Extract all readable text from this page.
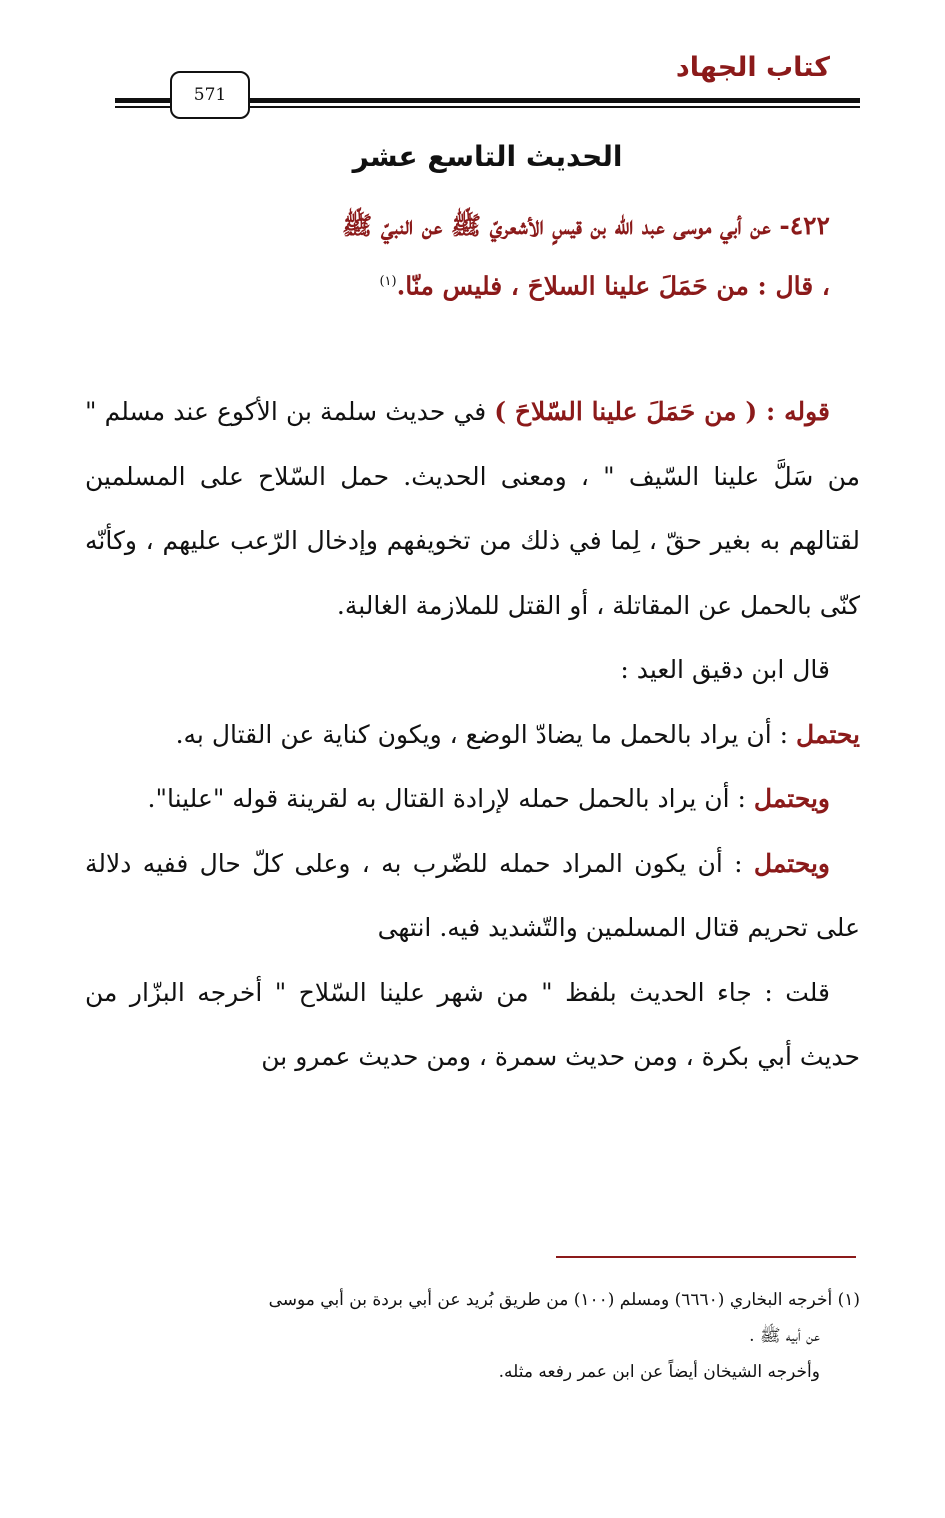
كتاب الجهاد
571
الحديث التاسع عشر
٤٢٢- عن أبي موسى عبد الله بن قيسٍ الأشعريّ ﷺ عن النبيّ ﷺ
، قال : من حَمَلَ علينا السلاحَ ، فليس منّا.$^{(١)}$

قوله : ( من حَمَلَ علينا السّلاحَ ) في حديث سلمة بن الأكوع عند مسلم " من سَلَّ علينا السّيف " ، ومعنى الحديث. حمل السّلاح على المسلمين لقتالهم به بغير حقّ ، لِما في ذلك من تخويفهم وإدخال الرّعب عليهم ، وكأنّه كنّى بالحمل عن المقاتلة ، أو القتل للملازمة الغالبة.

قال ابن دقيق العيد :

يحتمل : أن يراد بالحمل ما يضادّ الوضع ، ويكون كناية عن القتال به.

ويحتمل : أن يراد بالحمل حمله لإرادة القتال به لقرينة قوله "علينا".

ويحتمل : أن يكون المراد حمله للضّرب به ، وعلى كلّ حال ففيه دلالة على تحريم قتال المسلمين والتّشديد فيه. انتهى

قلت : جاء الحديث بلفظ " من شهر علينا السّلاح " أخرجه البزّار من حديث أبي بكرة ، ومن حديث سمرة ، ومن حديث عمرو بن

(١) أخرجه البخاري (٦٦٦٠) ومسلم (١٠٠) من طريق بُريد عن أبي بردة بن أبي موسى

عن أبيه ﷺ .

وأخرجه الشيخان أيضاً عن ابن عمر رفعه مثله.
